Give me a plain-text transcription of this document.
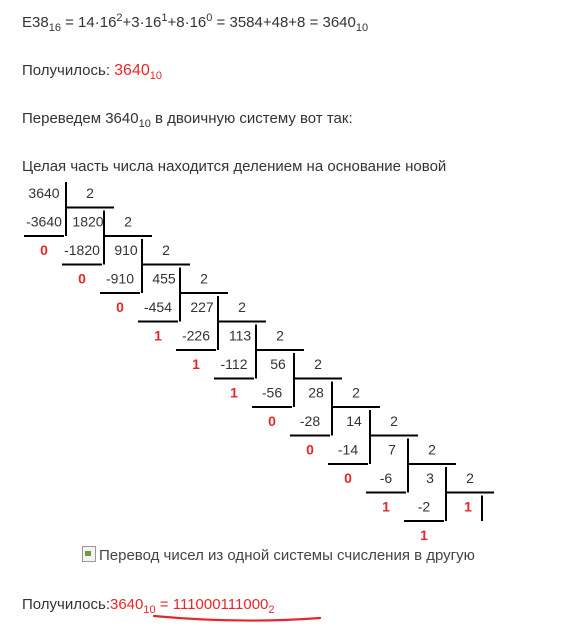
$E38_{16} = 14\cdot 16^2+3\cdot 16^1+8\cdot 16^0 = 3584+48+8 = 3640_{10}$
Получилось: $3640_{10}$
Переведем $3640_{10}$ в двоичную систему вот так:
Целая часть числа находится делением на основание новой
2
3640
-3640 1820
0
2
-1820 910
0
2
-910 455
0
2
-454 227
1
2
-226 113
1
2
-112 56
1
2
-56 28
0
2
-28 14
0
2
-14 7
0
2
-6 3
1
2
-2 1
1
Перевод чисел из одной системы счисления в другую
$Получилось:3640_{10} = 111000111000_2$
